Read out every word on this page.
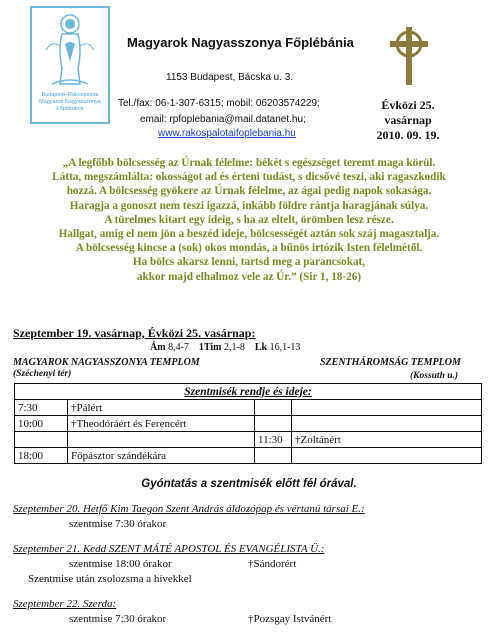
Budapest–Rákospalota
Magyarok Nagyasszonya
Főplébánia
Magyarok Nagyasszonya Főplébánia
1153 Budapest, Bácska u. 3.
Tel./fax: 06-1-307-6315; mobil: 06203574229;
email: rpfoplebania@mail.datanet.hu;
www.rakospalotaifoplebania.hu
Évközi 25.
vasárnap
2010. 09. 19.
„A legfőbb bölcsesség az Úrnak félelme: békét s egészséget teremt maga körül.
Látta, megszámlálta: okosságot ad és érteni tudást, s dicsővé teszi, aki ragaszkodik
hozzá. A bölcsesség gyökere az Úrnak félelme, az ágai pedig napok sokasága.
Haragja a gonoszt nem teszi igazzá, inkább földre rántja haragjának súlya.
A türelmes kitart egy ideig, s ha az eltelt, örömben lesz része.
Hallgat, amíg el nem jön a beszéd ideje, bölcsességét aztán sok száj magasztalja.
A bölcsesség kincse a (sok) okos mondás, a bűnös irtózik Isten félelmétől.
Ha bölcs akarsz lenni, tartsd meg a parancsokat,
akkor majd elhalmoz vele az Úr.” (Sir 1, 18-26)
Szeptember 19. vasárnap, Évközi 25. vasárnap:
Ám 8,4-7 1Tim 2,1-8 Lk 16,1-13
MAGYAROK NAGYASSZONYA TEMPLOM	SZENTHÁROMSÁG TEMPLOM
(Széchenyi tér)	(Kossuth u.)
Szentmisék rendje és ideje:			
7:30	†Pálért		
10:00	†Theodóráért és Ferencért		
		11:30	†Zoltánért
18:00	Főpásztor szándékára		
Gyóntatás a szentmisék előtt fél órával.
Szeptember 20. Hétfő Kim Taegon Szent András áldozópap és vértanú társai E.:
szentmise 7:30 órakor
Szeptember 21. Kedd SZENT MÁTÉ APOSTOL ÉS EVANGÉLISTA Ü.:
szentmise 18:00 órakor	†Sándorért
Szentmise után zsolozsma a hívekkel
Szeptember 22. Szerda:
szentmise 7:30 órakor	†Pozsgay Istvánért
